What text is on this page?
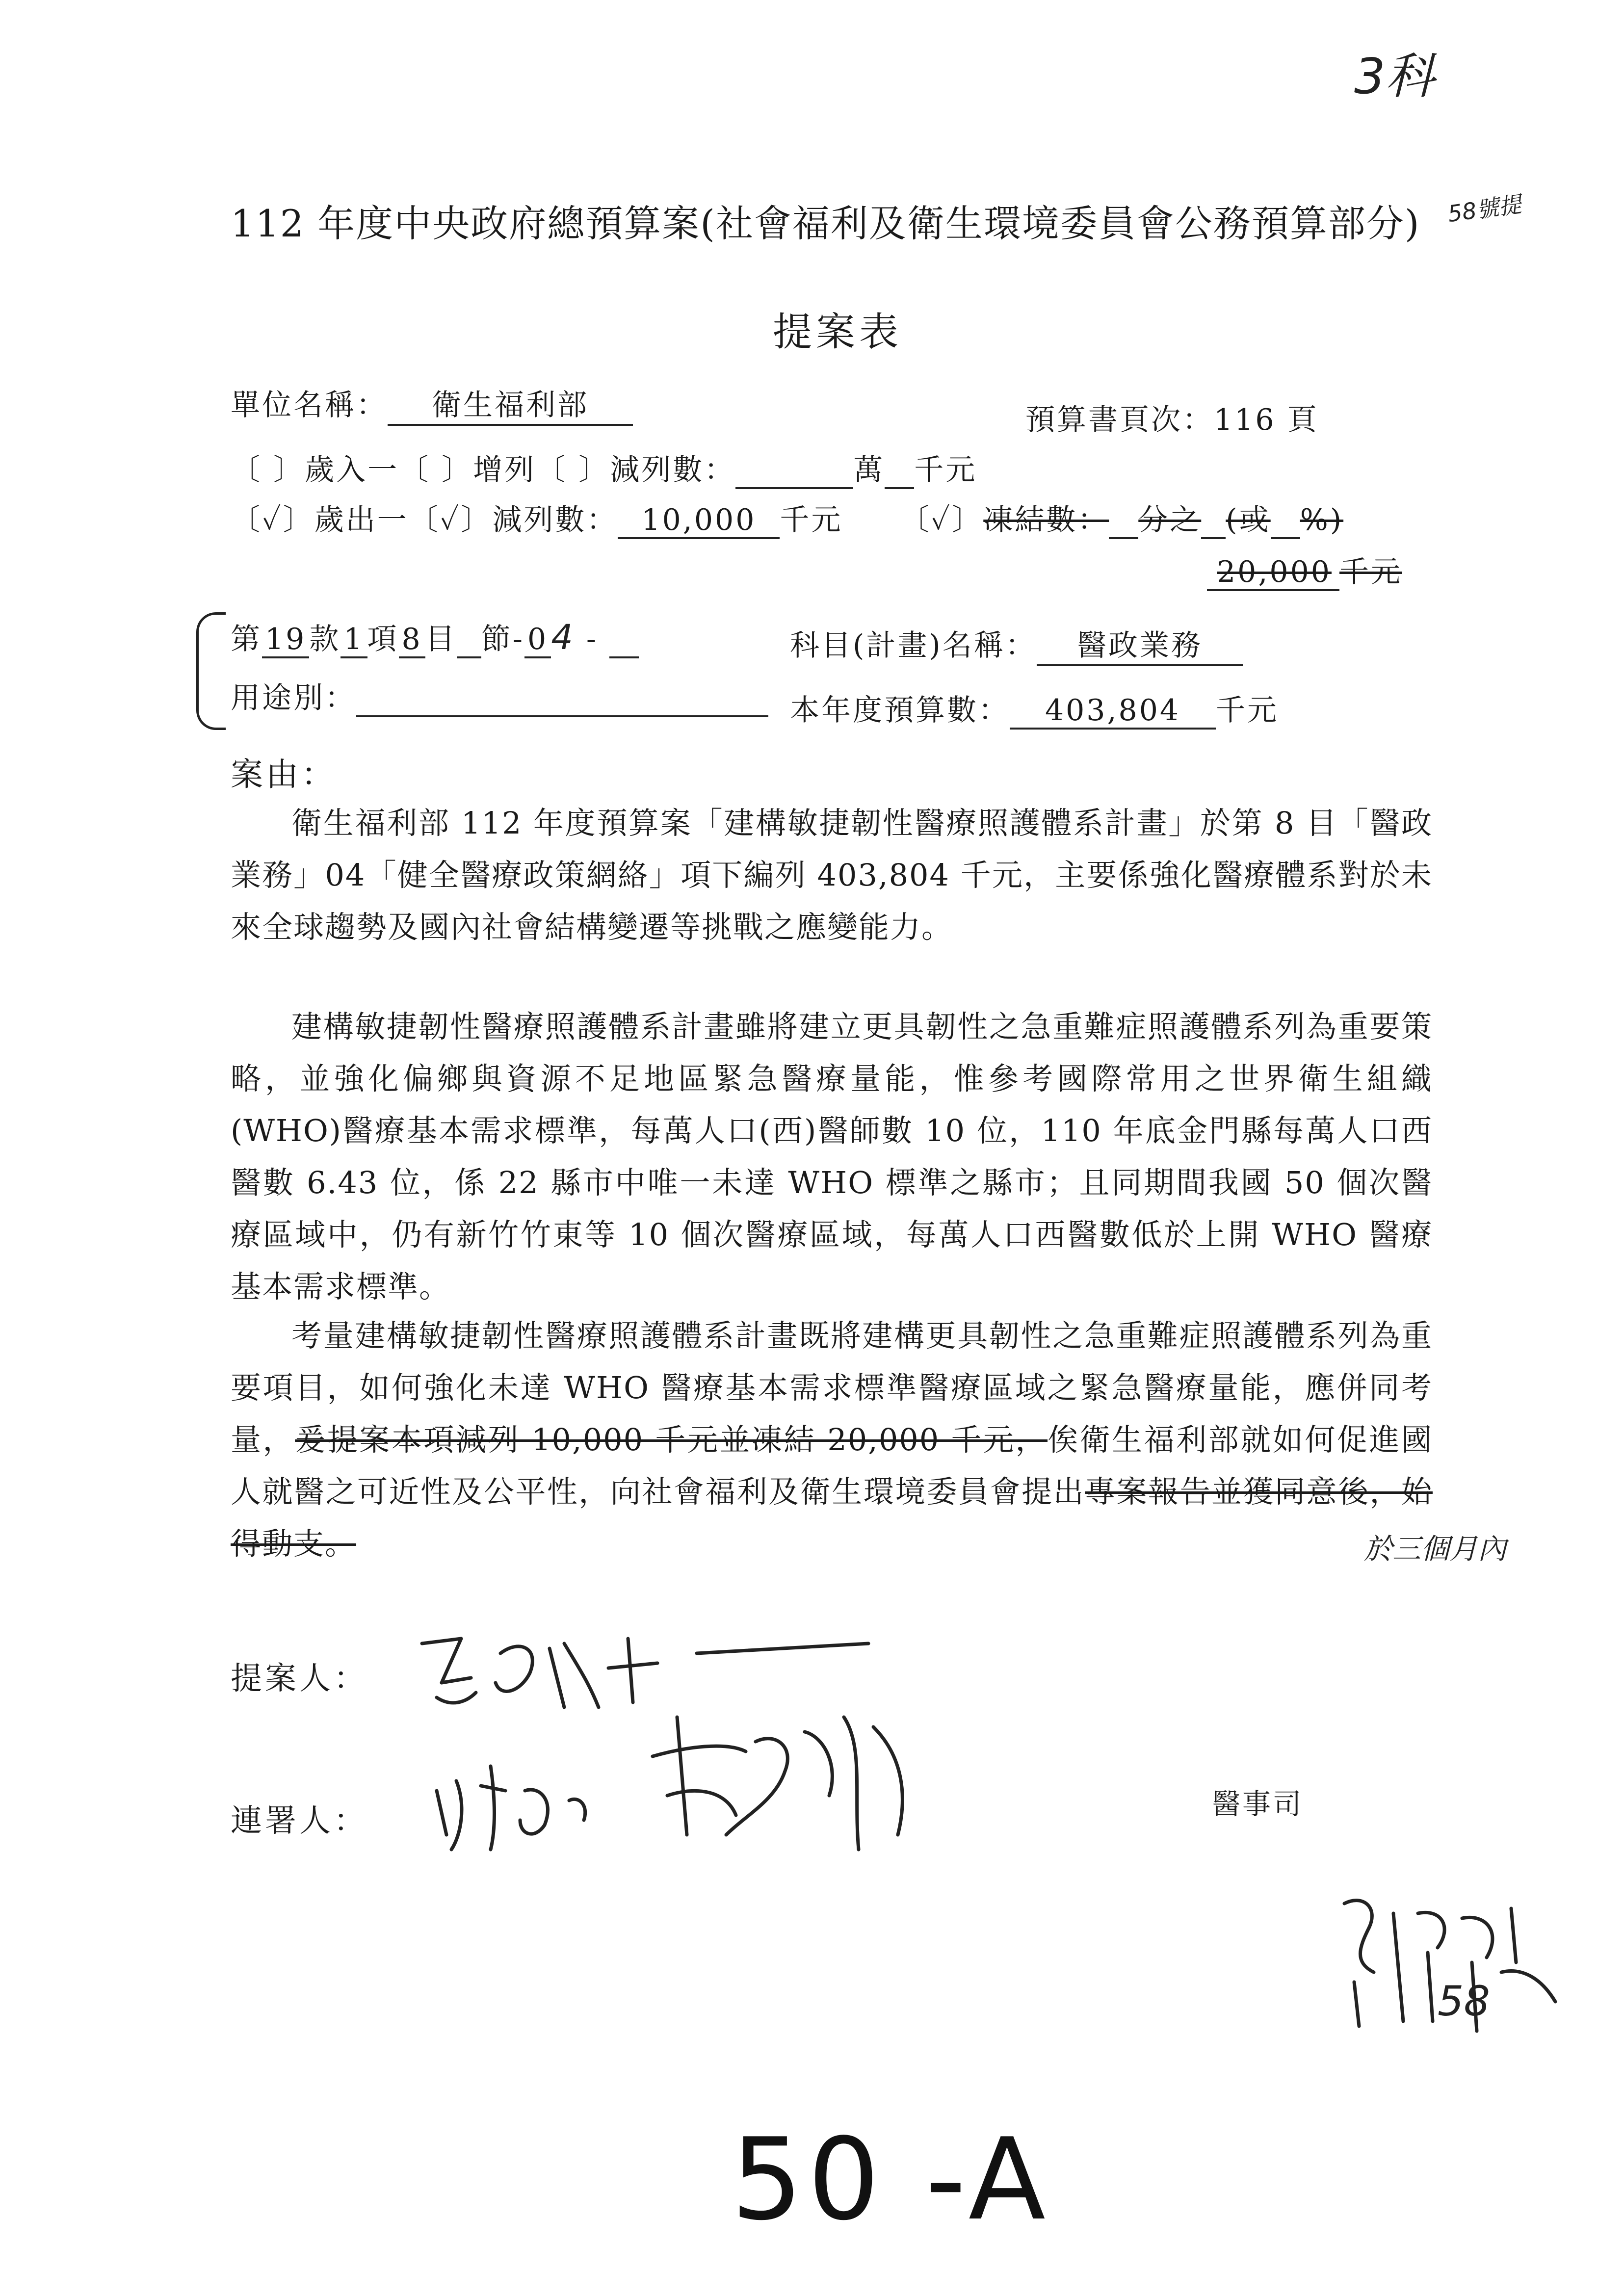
3科
58號提
112 年度中央政府總預算案(社會福利及衛生環境委員會公務預算部分)
提案表
單位名稱： 衛生福利部	預算書頁次：116 頁
〔 〕歲入一〔 〕增列〔 〕減列數：	萬 千元
〔✓〕歲出一〔✓〕減列數： 10,000 千元 〔✓〕凍結數： 分之 (或 %)
20,000 千元
第 19 款 1 項 8 目 節- 04 -	科目(計畫)名稱： 醫政業務
用途別：	本年度預算數： 403,804 千元
案由：
衛生福利部 112 年度預算案「建構敏捷韌性醫療照護體系計畫」於第 8 目「醫政業務」04「健全醫療政策網絡」項下編列 403,804 千元，主要係強化醫療體系對於未來全球趨勢及國內社會結構變遷等挑戰之應變能力。
建構敏捷韌性醫療照護體系計畫雖將建立更具韌性之急重難症照護體系列為重要策略，並強化偏鄉與資源不足地區緊急醫療量能，惟參考國際常用之世界衛生組織(WHO)醫療基本需求標準，每萬人口(西)醫師數 10 位，110 年底金門縣每萬人口西醫數 6.43 位，係 22 縣市中唯一未達 WHO 標準之縣市；且同期間我國 50 個次醫療區域中，仍有新竹竹東等 10 個次醫療區域，每萬人口西醫數低於上開 WHO 醫療基本需求標準。
考量建構敏捷韌性醫療照護體系計畫既將建構更具韌性之急重難症照護體系列為重要項目，如何強化未達 WHO 醫療基本需求標準醫療區域之緊急醫療量能，應併同考量，爰提案本項減列 10,000 千元並凍結 20,000 千元，俟衛生福利部就如何促進國人就醫之可近性及公平性，向社會福利及衛生環境委員會提出專案報告並獲同意後，始得動支。	於三個月內
提案人：
連署人：	醫事司
58
50 -A
